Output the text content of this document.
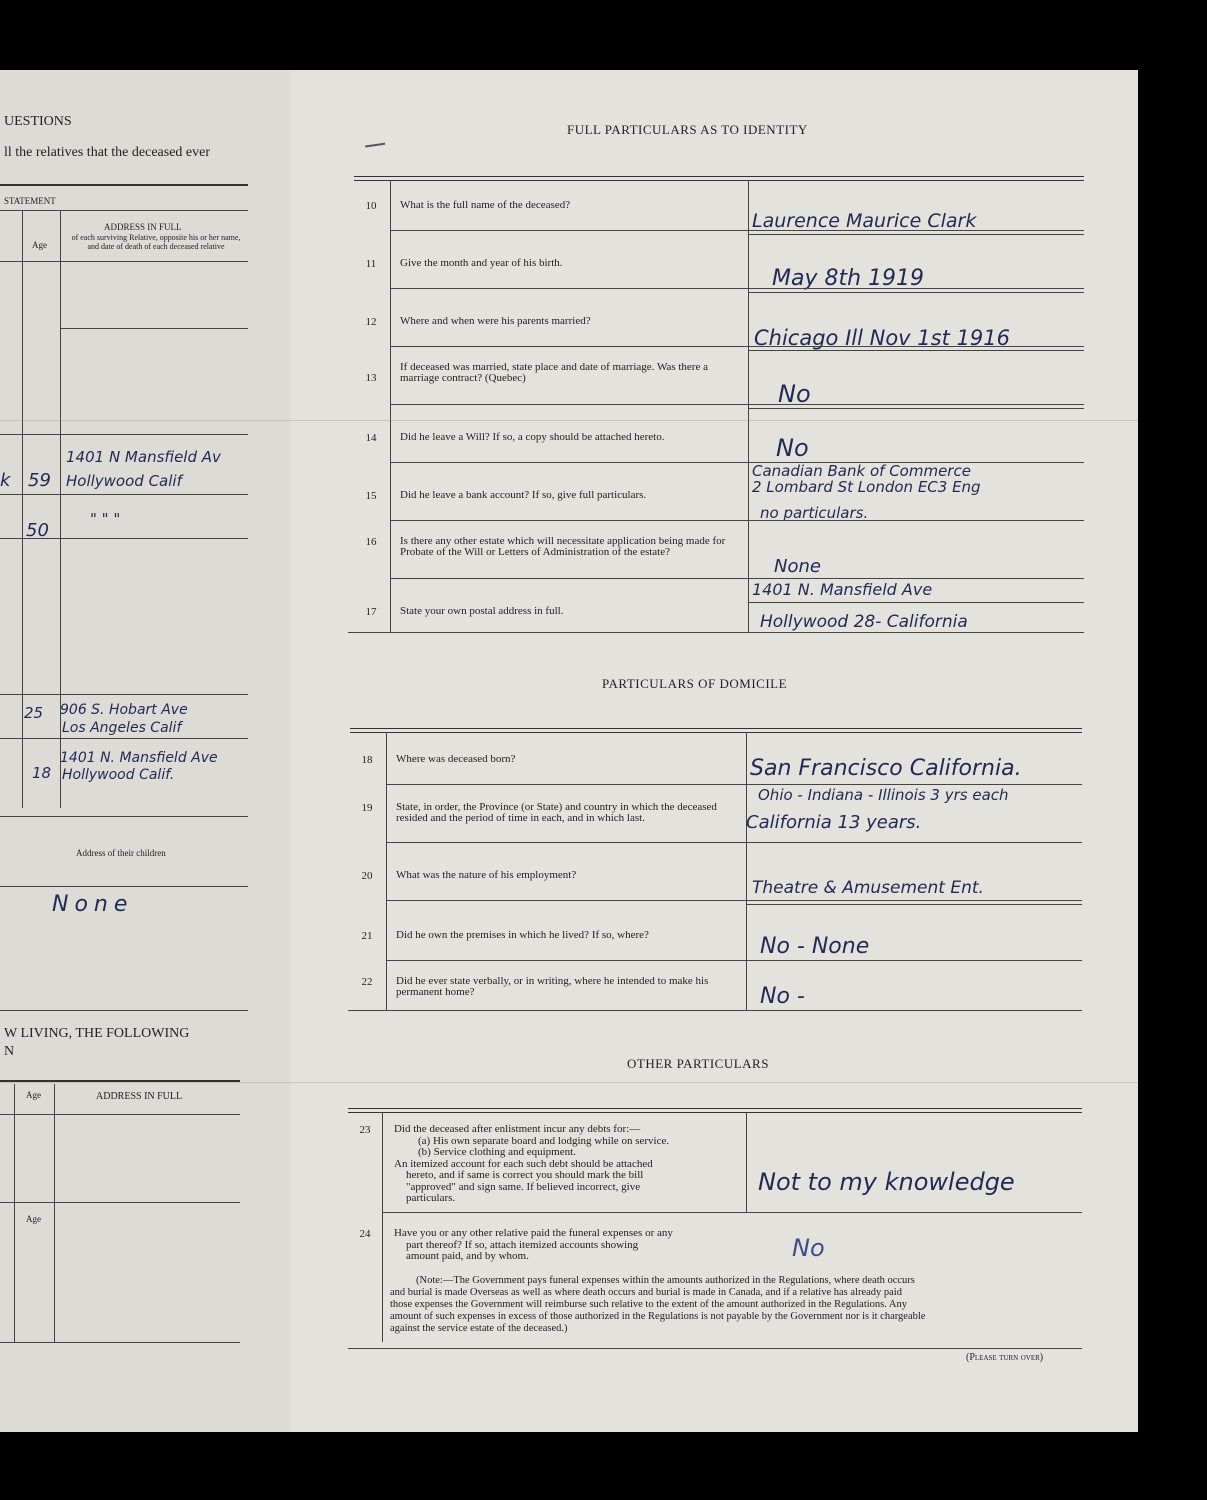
UESTIONS
ll the relatives that the deceased ever
STATEMENT
Age
ADDRESS IN FULL
of each surviving Relative, opposite his or her name, and date of death of each deceased relative
k 59
1401 N Mansfield Av
Hollywood Calif
50
" " "
25 906 S. Hobart Ave
Los Angeles Calif
18
1401 N. Mansfield Ave
Hollywood Calif.
Address of their children
None
W LIVING, THE FOLLOWING
N
Age	ADDRESS IN FULL
Age
FULL PARTICULARS AS TO IDENTITY
10	What is the full name of the deceased?
Laurence Maurice Clark
11	Give the month and year of his birth.
May 8th 1919
12	Where and when were his parents married?
Chicago Ill Nov 1st 1916
13
If deceased was married, state place and date of marriage. Was there a marriage contract? (Quebec)
No
14	Did he leave a Will? If so, a copy should be attached hereto.	No
15	Did he leave a bank account? If so, give full particulars.
Canadian Bank of Commerce
2 Lombard St London EC3 Eng
no particulars.
16	Is there any other estate which will necessitate application being made for Probate of the Will or Letters of Administration of the estate?
None
17	State your own postal address in full.
1401 N. Mansfield Ave
Hollywood 28- California
PARTICULARS OF DOMICILE
18	Where was deceased born?	San Francisco California.
19	State, in order, the Province (or State) and country in which the deceased resided and the period of time in each, and in which last.
Ohio - Indiana - Illinois 3 yrs each
California 13 years.
20	What was the nature of his employment?
Theatre & Amusement Ent.
21	Did he own the premises in which he lived? If so, where?	No - None
22	Did he ever state verbally, or in writing, where he intended to make his permanent home?	No -
OTHER PARTICULARS
23	Did the deceased after enlistment incur any debts for:—
(a) His own separate board and lodging while on service.
(b) Service clothing and equipment.
An itemized account for each such debt should be attached
hereto, and if same is correct you should mark the bill
"approved" and sign same. If believed incorrect, give
particulars.
Not to my knowledge
24	Have you or any other relative paid the funeral expenses or any
part thereof? If so, attach itemized accounts showing
amount paid, and by whom.	No
(Note:—The Government pays funeral expenses within the amounts authorized in the Regulations, where death occurs
and burial is made Overseas as well as where death occurs and burial is made in Canada, and if a relative has already paid
those expenses the Government will reimburse such relative to the extent of the amount authorized in the Regulations. Any
amount of such expenses in excess of those authorized in the Regulations is not payable by the Government nor is it chargeable
against the service estate of the deceased.)
(Please turn over)
